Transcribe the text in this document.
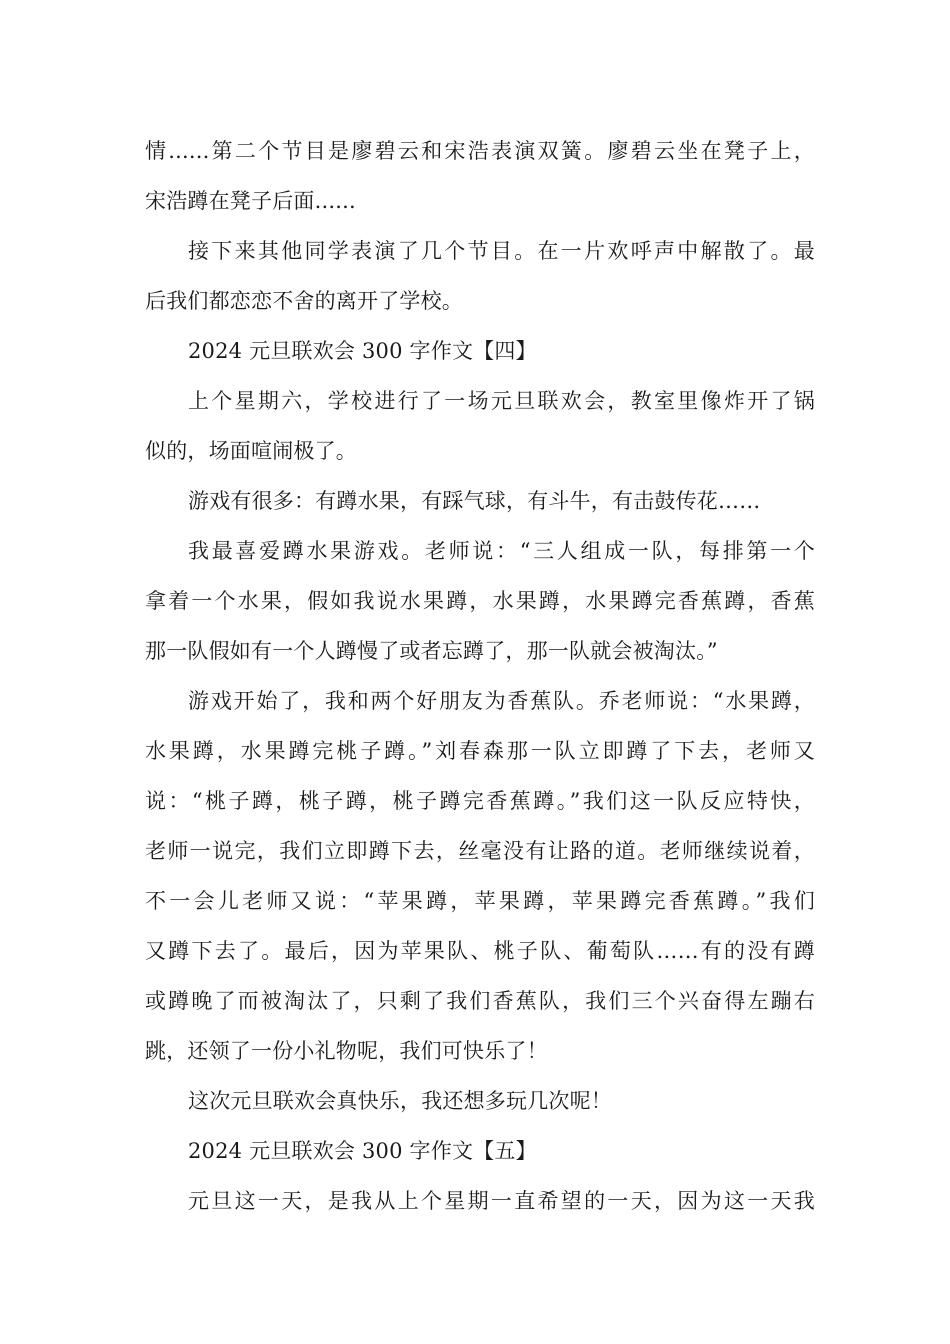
情......第二个节目是廖碧云和宋浩表演双簧。廖碧云坐在凳子上，
宋浩蹲在凳子后面......
接下来其他同学表演了几个节目。在一片欢呼声中解散了。最
后我们都恋恋不舍的离开了学校。
2024 元旦联欢会 300 字作文【四】
上个星期六，学校进行了一场元旦联欢会，教室里像炸开了锅
似的，场面喧闹极了。
游戏有很多：有蹲水果，有踩气球，有斗牛，有击鼓传花……
我最喜爱蹲水果游戏。老师说：“三人组成一队，每排第一个
拿着一个水果，假如我说水果蹲，水果蹲，水果蹲完香蕉蹲，香蕉
那一队假如有一个人蹲慢了或者忘蹲了，那一队就会被淘汰。”
游戏开始了，我和两个好朋友为香蕉队。乔老师说：“水果蹲，
水果蹲，水果蹲完桃子蹲。”刘春森那一队立即蹲了下去，老师又
说：“桃子蹲，桃子蹲，桃子蹲完香蕉蹲。”我们这一队反应特快，
老师一说完，我们立即蹲下去，丝毫没有让路的道。老师继续说着，
不一会儿老师又说：“苹果蹲，苹果蹲，苹果蹲完香蕉蹲。”我们
又蹲下去了。最后，因为苹果队、桃子队、葡萄队……有的没有蹲
或蹲晚了而被淘汰了，只剩了我们香蕉队，我们三个兴奋得左蹦右
跳，还领了一份小礼物呢，我们可快乐了！
这次元旦联欢会真快乐，我还想多玩几次呢！
2024 元旦联欢会 300 字作文【五】
元旦这一天，是我从上个星期一直希望的一天，因为这一天我
